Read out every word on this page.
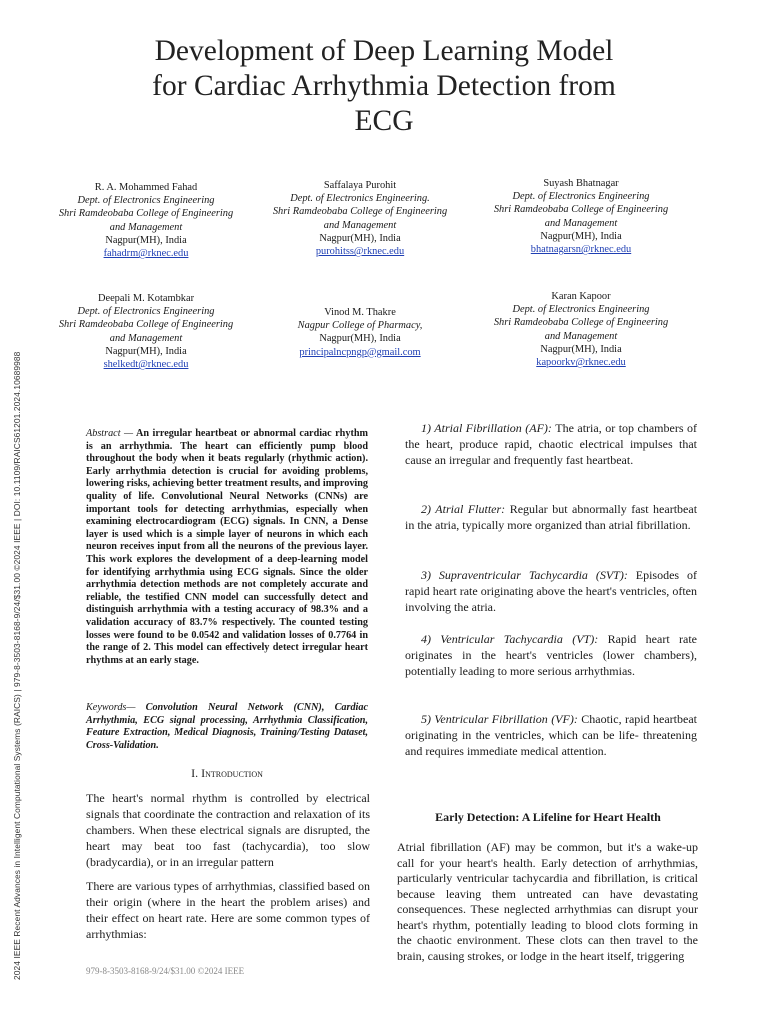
2024 IEEE Recent Advances in Intelligent Computational Systems (RAICS) | 979-8-3503-8168-9/24/$31.00 ©2024 IEEE | DOI: 10.1109/RAICS61201.2024.10689988
Development of Deep Learning Model
for Cardiac Arrhythmia Detection from
ECG
R. A. Mohammed Fahad
Dept. of Electronics Engineering
Shri Ramdeobaba College of Engineering and Management
Nagpur(MH), India
fahadrm@rknec.edu
Saffalaya Purohit
Dept. of Electronics Engineering.
Shri Ramdeobaba College of Engineering and Management
Nagpur(MH), India
purohitss@rknec.edu
Suyash Bhatnagar
Dept. of Electronics Engineering
Shri Ramdeobaba College of Engineering and Management
Nagpur(MH), India
bhatnagarsn@rknec.edu
Deepali M. Kotambkar
Dept. of Electronics Engineering
Shri Ramdeobaba College of Engineering and Management
Nagpur(MH), India
shelkedt@rknec.edu
Vinod M. Thakre
Nagpur College of Pharmacy,
Nagpur(MH), India
principalncpngp@gmail.com
Karan Kapoor
Dept. of Electronics Engineering
Shri Ramdeobaba College of Engineering and Management
Nagpur(MH), India
kapoorkv@rknec.edu
Abstract — An irregular heartbeat or abnormal cardiac rhythm is an arrhythmia. The heart can efficiently pump blood throughout the body when it beats regularly (rhythmic action). Early arrhythmia detection is crucial for avoiding problems, lowering risks, achieving better treatment results, and improving quality of life. Convolutional Neural Networks (CNNs) are important tools for detecting arrhythmias, especially when examining electrocardiogram (ECG) signals. In CNN, a Dense layer is used which is a simple layer of neurons in which each neuron receives input from all the neurons of the previous layer. This work explores the development of a deep-learning model for identifying arrhythmia using ECG signals. Since the older arrhythmia detection methods are not completely accurate and reliable, the testified CNN model can successfully detect and distinguish arrhythmia with a testing accuracy of 98.3% and a validation accuracy of 83.7% respectively. The counted testing losses were found to be 0.0542 and validation losses of 0.7764 in the range of 2. This model can effectively detect irregular heart rhythms at an early stage.
Keywords— Convolution Neural Network (CNN), Cardiac Arrhythmia, ECG signal processing, Arrhythmia Classification, Feature Extraction, Medical Diagnosis, Training/Testing Dataset, Cross-Validation.
I. Introduction
The heart's normal rhythm is controlled by electrical signals that coordinate the contraction and relaxation of its chambers. When these electrical signals are disrupted, the heart may beat too fast (tachycardia), too slow (bradycardia), or in an irregular pattern
There are various types of arrhythmias, classified based on their origin (where in the heart the problem arises) and their effect on heart rate. Here are some common types of arrhythmias:
1) Atrial Fibrillation (AF): The atria, or top chambers of the heart, produce rapid, chaotic electrical impulses that cause an irregular and frequently fast heartbeat.
2) Atrial Flutter: Regular but abnormally fast heartbeat in the atria, typically more organized than atrial fibrillation.
3) Supraventricular Tachycardia (SVT): Episodes of rapid heart rate originating above the heart's ventricles, often involving the atria.
4) Ventricular Tachycardia (VT): Rapid heart rate originates in the heart's ventricles (lower chambers), potentially leading to more serious arrhythmias.
5) Ventricular Fibrillation (VF): Chaotic, rapid heartbeat originating in the ventricles, which can be life- threatening and requires immediate medical attention.
Early Detection: A Lifeline for Heart Health
Atrial fibrillation (AF) may be common, but it's a wake-up call for your heart's health. Early detection of arrhythmias, particularly ventricular tachycardia and fibrillation, is critical because leaving them untreated can have devastating consequences. These neglected arrhythmias can disrupt your heart's rhythm, potentially leading to blood clots forming in the chaotic environment. These clots can then travel to the brain, causing strokes, or lodge in the heart itself, triggering
979-8-3503-8168-9/24/$31.00 ©2024 IEEE
